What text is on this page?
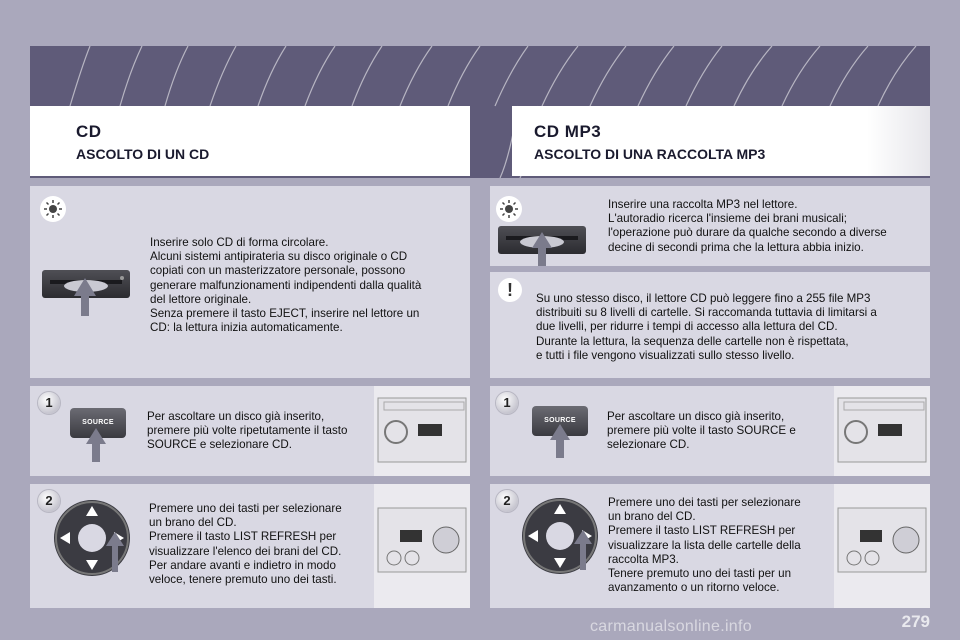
CD
ASCOLTO DI UN CD
CD MP3
ASCOLTO DI UNA RACCOLTA MP3
Inserire solo CD di forma circolare.
Alcuni sistemi antipirateria su disco originale o CD
copiati con un masterizzatore personale, possono
generare malfunzionamenti indipendenti dalla qualità
del lettore originale.
Senza premere il tasto EJECT, inserire nel lettore un
CD: la lettura inizia automaticamente.
1
SOURCE	Per ascoltare un disco già inserito,
premere più volte ripetutamente il tasto
SOURCE e selezionare CD.
2
Premere uno dei tasti per selezionare
un brano del CD.
Premere il tasto LIST REFRESH per
visualizzare l'elenco dei brani del CD.
Per andare avanti e indietro in modo
veloce, tenere premuto uno dei tasti.
Inserire una raccolta MP3 nel lettore.
L'autoradio ricerca l'insieme dei brani musicali;
l'operazione può durare da qualche secondo a diverse
decine di secondi prima che la lettura abbia inizio.
!	Su uno stesso disco, il lettore CD può leggere fino a 255 file MP3
distribuiti su 8 livelli di cartelle. Si raccomanda tuttavia di limitarsi a
due livelli, per ridurre i tempi di accesso alla lettura del CD.
Durante la lettura, la sequenza delle cartelle non è rispettata,
e tutti i file vengono visualizzati sullo stesso livello.
1
SOURCE	Per ascoltare un disco già inserito,
premere più volte il tasto SOURCE e
selezionare CD.
2	Premere uno dei tasti per selezionare
un brano del CD.
Premere il tasto LIST REFRESH per
visualizzare la lista delle cartelle della
raccolta MP3.
Tenere premuto uno dei tasti per un
avanzamento o un ritorno veloce.
carmanualsonline.info	279
